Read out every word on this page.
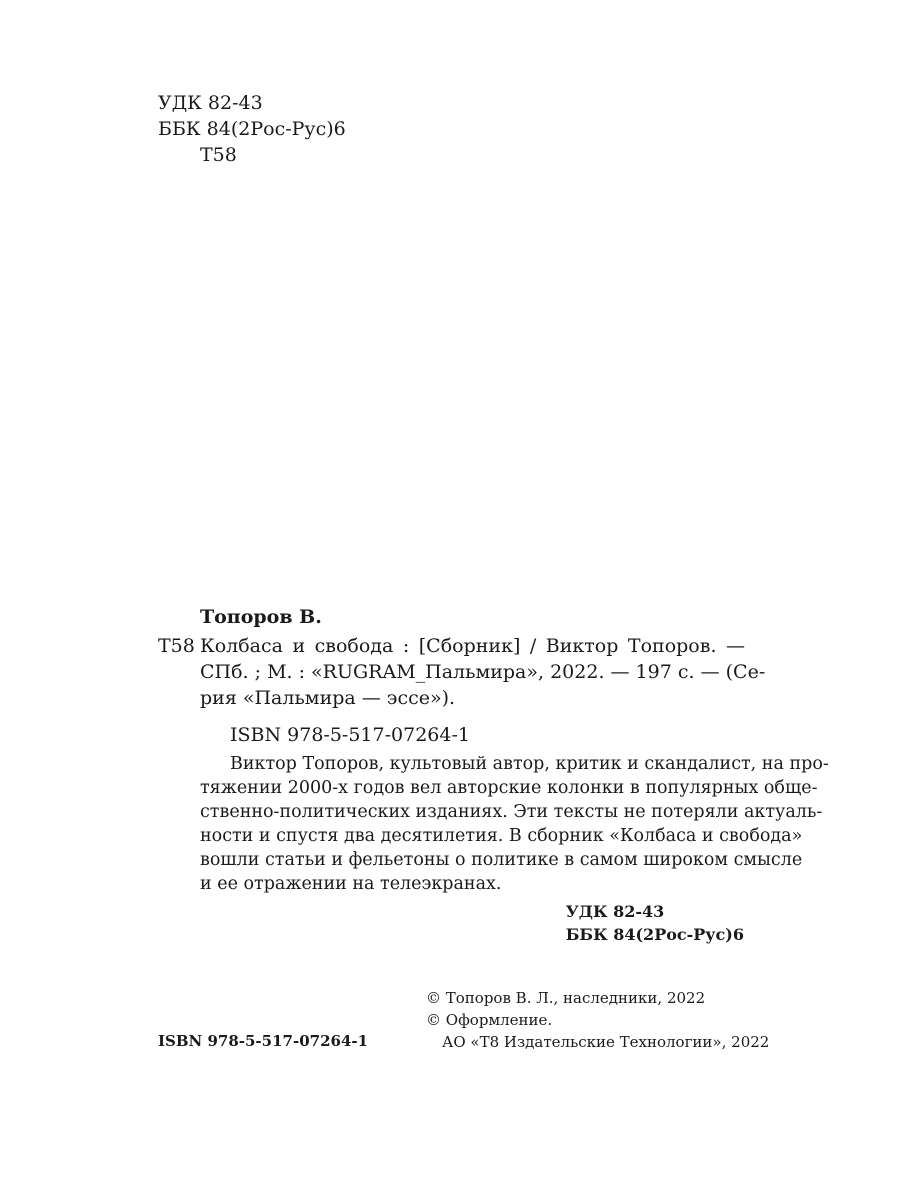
УДК 82-43
ББК 84(2Рос-Рус)6
Т58
Топоров В.
Т58 Колбаса и свобода : [Сборник] / Виктор Топоров. —
СПб. ; М. : «RUGRAM_Пальмира», 2022. — 197 с. — (Се-
рия «Пальмира — эссе»).
ISBN 978-5-517-07264-1
Виктор Топоров, культовый автор, критик и скандалист, на про-
тяжении 2000-х годов вел авторские колонки в популярных обще-
ственно-политических изданиях. Эти тексты не потеряли актуаль-
ности и спустя два десятилетия. В сборник «Колбаса и свобода»
вошли статьи и фельетоны о политике в самом широком смысле
и ее отражении на телеэкранах.
УДК 82-43
ББК 84(2Рос-Рус)6
© Топоров В. Л., наследники, 2022
© Оформление.
АО «Т8 Издательские Технологии», 2022
ISBN 978-5-517-07264-1
